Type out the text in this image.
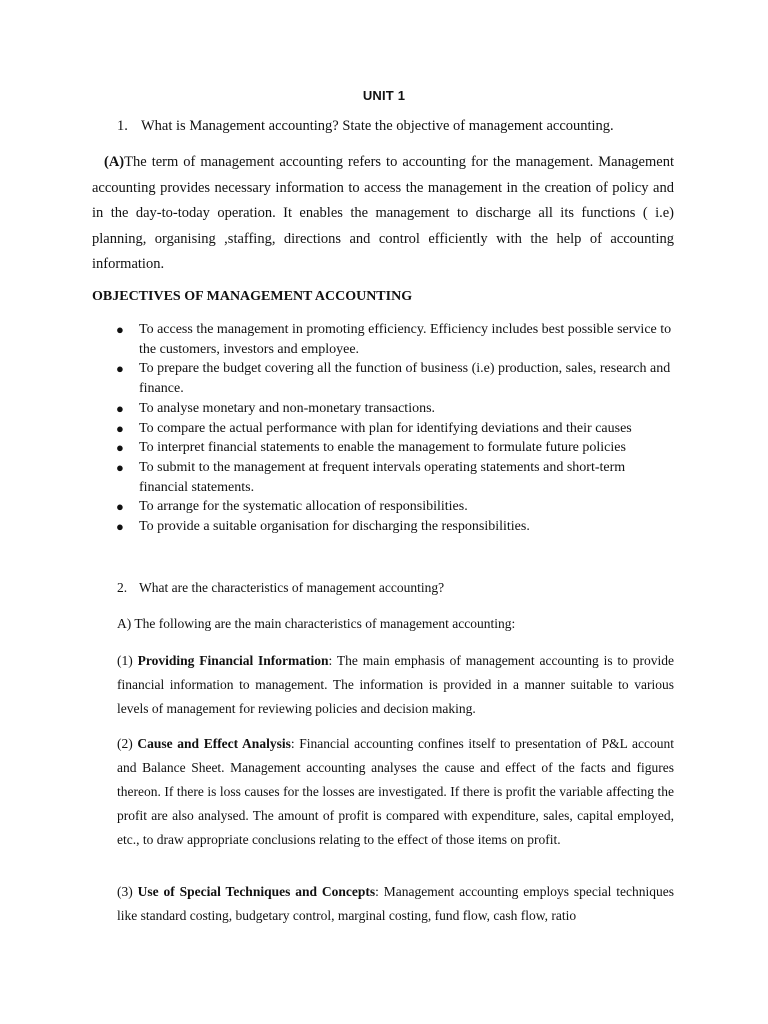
UNIT 1
1. What is Management accounting? State the objective of management accounting.
(A)The term of management accounting refers to accounting for the management. Management accounting provides necessary information to access the management in the creation of policy and in the day-to-today operation. It enables the management to discharge all its functions ( i.e) planning, organising ,staffing, directions and control efficiently with the help of accounting information.
OBJECTIVES OF MANAGEMENT ACCOUNTING
● To access the management in promoting efficiency. Efficiency includes best possible service to the customers, investors and employee.
● To prepare the budget covering all the function of business (i.e) production, sales, research and finance.
● To analyse monetary and non-monetary transactions.
● To compare the actual performance with plan for identifying deviations and their causes
● To interpret financial statements to enable the management to formulate future policies
● To submit to the management at frequent intervals operating statements and short-term financial statements.
● To arrange for the systematic allocation of responsibilities.
● To provide a suitable organisation for discharging the responsibilities.
2. What are the characteristics of management accounting?
A) The following are the main characteristics of management accounting:
(1) Providing Financial Information: The main emphasis of management accounting is to provide financial information to management. The information is provided in a manner suitable to various levels of management for reviewing policies and decision making.
(2) Cause and Effect Analysis: Financial accounting confines itself to presentation of P&L account and Balance Sheet. Management accounting analyses the cause and effect of the facts and figures thereon. If there is loss causes for the losses are investigated. If there is profit the variable affecting the profit are also analysed. The amount of profit is compared with expenditure, sales, capital employed, etc., to draw appropriate conclusions relating to the effect of those items on profit.
(3) Use of Special Techniques and Concepts: Management accounting employs special techniques like standard costing, budgetary control, marginal costing, fund flow, cash flow, ratio
